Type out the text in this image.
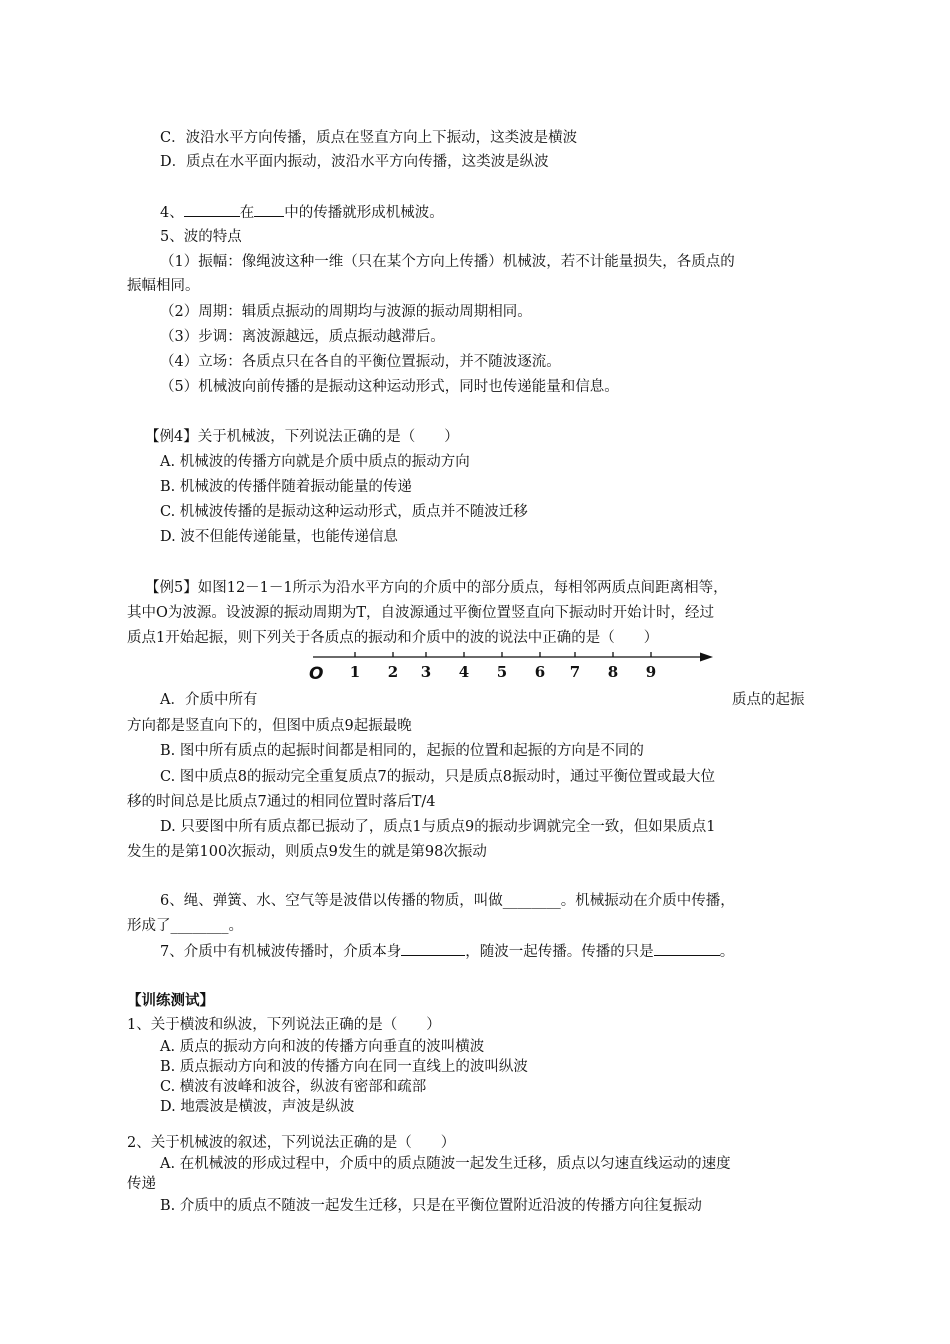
C．波沿水平方向传播，质点在竖直方向上下振动，这类波是横波
D．质点在水平面内振动，波沿水平方向传播，这类波是纵波
4、	在 中的传播就形成机械波。
5、波的特点
（1）振幅：像绳波这种一维（只在某个方向上传播）机械波，若不计能量损失，各质点的
振幅相同。
（2）周期：辑质点振动的周期均与波源的振动周期相同。
（3）步调：离波源越远，质点振动越滞后。
（4）立场：各质点只在各自的平衡位置振动，并不随波逐流。
（5）机械波向前传播的是振动这种运动形式，同时也传递能量和信息。
【例4】关于机械波，下列说法正确的是（　　）
A. 机械波的传播方向就是介质中质点的振动方向
B. 机械波的传播伴随着振动能量的传递
C. 机械波传播的是振动这种运动形式，质点并不随波迁移
D. 波不但能传递能量，也能传递信息
【例5】如图12－1－1所示为沿水平方向的介质中的部分质点，每相邻两质点间距离相等，
其中O为波源。设波源的振动周期为T，自波源通过平衡位置竖直向下振动时开始计时，经过
质点1开始起振，则下列关于各质点的振动和介质中的波的说法中正确的是（　　）
O 1 2 3 4 5 6 7 8 9
A．介质中所有	质点的起振
方向都是竖直向下的，但图中质点9起振最晚
B. 图中所有质点的起振时间都是相同的，起振的位置和起振的方向是不同的
C. 图中质点8的振动完全重复质点7的振动，只是质点8振动时，通过平衡位置或最大位
移的时间总是比质点7通过的相同位置时落后T/4
D. 只要图中所有质点都已振动了，质点1与质点9的振动步调就完全一致，但如果质点1
发生的是第100次振动，则质点9发生的就是第98次振动
6、绳、弹簧、水、空气等是波借以传播的物质，叫做________。机械振动在介质中传播，
形成了________。
7、介质中有机械波传播时，介质本身	，随波一起传播。传播的只是	。
【训练测试】
1、关于横波和纵波，下列说法正确的是（　　）
A. 质点的振动方向和波的传播方向垂直的波叫横波
B. 质点振动方向和波的传播方向在同一直线上的波叫纵波
C. 横波有波峰和波谷，纵波有密部和疏部
D. 地震波是横波，声波是纵波
2、关于机械波的叙述，下列说法正确的是（　　）
A. 在机械波的形成过程中，介质中的质点随波一起发生迁移，质点以匀速直线运动的速度
传递
B. 介质中的质点不随波一起发生迁移，只是在平衡位置附近沿波的传播方向往复振动
